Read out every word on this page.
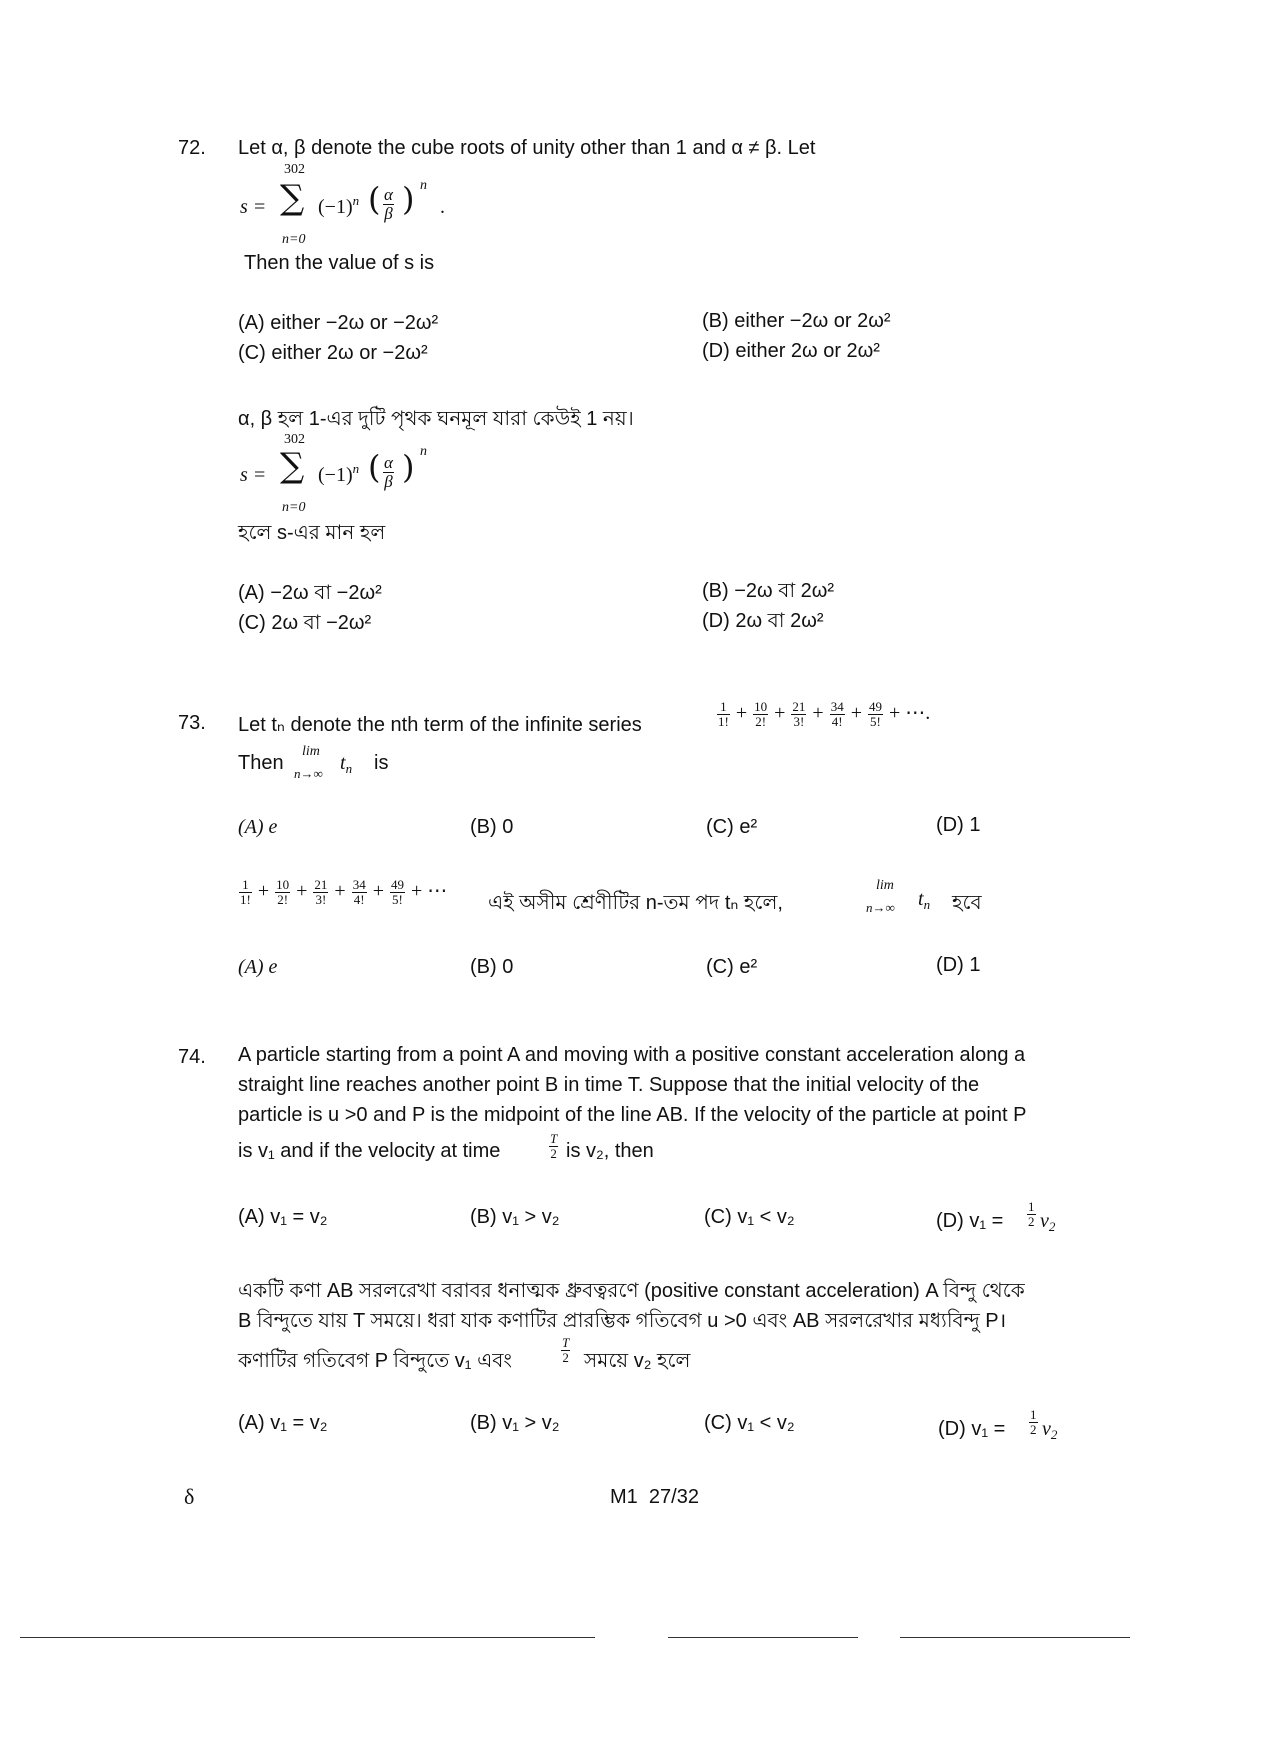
72. Let α, β denote the cube roots of unity other than 1 and α ≠ β. Let
302
s = ∑ $(-1)^n$ ( $\frac{\alpha}{\beta}$ ) n
.
n=0
Then the value of s is
(A) either −2ω or −2ω²	(B) either −2ω or 2ω²
(C) either 2ω or −2ω²	(D) either 2ω or 2ω²
α, β হল 1-এর দুটি পৃথক ঘনমূল যারা কেউই 1 নয়।
302
s = ∑ $(-1)^n$ ( $\frac{\alpha}{\beta}$ ) n
n=0
হলে s-এর মান হল
(A) −2ω বা −2ω²	(B) −2ω বা 2ω²
(C) 2ω বা −2ω²	(D) 2ω বা 2ω²
73. Let tₙ denote the nth term of the infinite series	$\frac{1}{1!} + \frac{10}{2!} + \frac{21}{3!} + \frac{34}{4!} + \frac{49}{5!}$ + ⋯.
Then
lim
n→∞ $t_n$ is
(A) e	(B) 0	(C) e²	(D) 1
$\frac{1}{1!} + \frac{10}{2!} + \frac{21}{3!} + \frac{34}{4!} + \frac{49}{5!}$ + ⋯
এই অসীম শ্রেণীটির n-তম পদ tₙ হলে,
lim
n→∞ $t_n$ হবে
(A) e	(B) 0	(C) e²	(D) 1
74. A particle starting from a point A and moving with a positive constant acceleration along a
straight line reaches another point B in time T. Suppose that the initial velocity of the
particle is u >0 and P is the midpoint of the line AB. If the velocity of the particle at point P
is v₁ and if the velocity at time	$\frac{T}{2}$ is v₂, then
(A) v₁ = v₂	(B) v₁ > v₂	(C) v₁ < v₂	(D) $v_1 = \frac{1}{2} v_2$
একটি কণা AB সরলরেখা বরাবর ধনাত্মক ধ্রুবত্বরণে (positive constant acceleration) A বিন্দু থেকে
B বিন্দুতে যায় T সময়ে। ধরা যাক কণাটির প্রারম্ভিক গতিবেগ u >0 এবং AB সরলরেখার মধ্যবিন্দু P।
কণাটির গতিবেগ P বিন্দুতে v₁ এবং	$\frac{T}{2}$ সময়ে v₂ হলে
(A) v₁ = v₂	(B) v₁ > v₂	(C) v₁ < v₂	(D) $v_1 = \frac{1}{2} v_2$
δ	M1  27/32
